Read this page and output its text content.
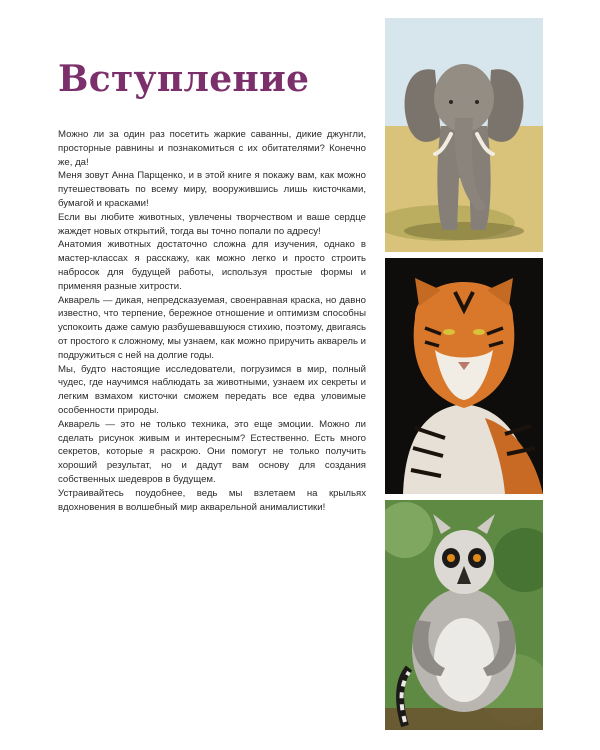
Вступление

Можно ли за один раз посетить жаркие саванны, дикие джунгли, просторные равнины и познакомиться с их обитателями? Конечно же, да!

Меня зовут Анна Парщенко, и в этой книге я покажу вам, как можно путешествовать по всему миру, вооружившись лишь кисточками, бумагой и красками!

Если вы любите животных, увлечены творчеством и ваше сердце жаждет новых открытий, тогда вы точно попали по адресу!

Анатомия животных достаточно сложна для изучения, однако в мастер-классах я расскажу, как можно легко и просто строить набросок для будущей работы, используя простые формы и применяя разные хитрости.

Акварель — дикая, непредсказуемая, своенравная краска, но давно известно, что терпение, бережное отношение и оптимизм способны успокоить даже самую разбушевавшуюся стихию, поэтому, двигаясь от простого к сложному, мы узнаем, как можно приручить акварель и подружиться с ней на долгие годы.

Мы, будто настоящие исследователи, погрузимся в мир, полный чудес, где научимся наблюдать за животными, узнаем их секреты и легким взмахом кисточки сможем передать все едва уловимые особенности природы.

Акварель — это не только техника, это еще эмоции. Можно ли сделать рисунок живым и интересным? Естественно. Есть много секретов, которые я раскрою. Они помогут не только получить хороший результат, но и дадут вам основу для создания собственных шедевров в будущем.

Устраивайтесь поудобнее, ведь мы взлетаем на крыльях вдохновения в волшебный мир акварельной анималистики!
